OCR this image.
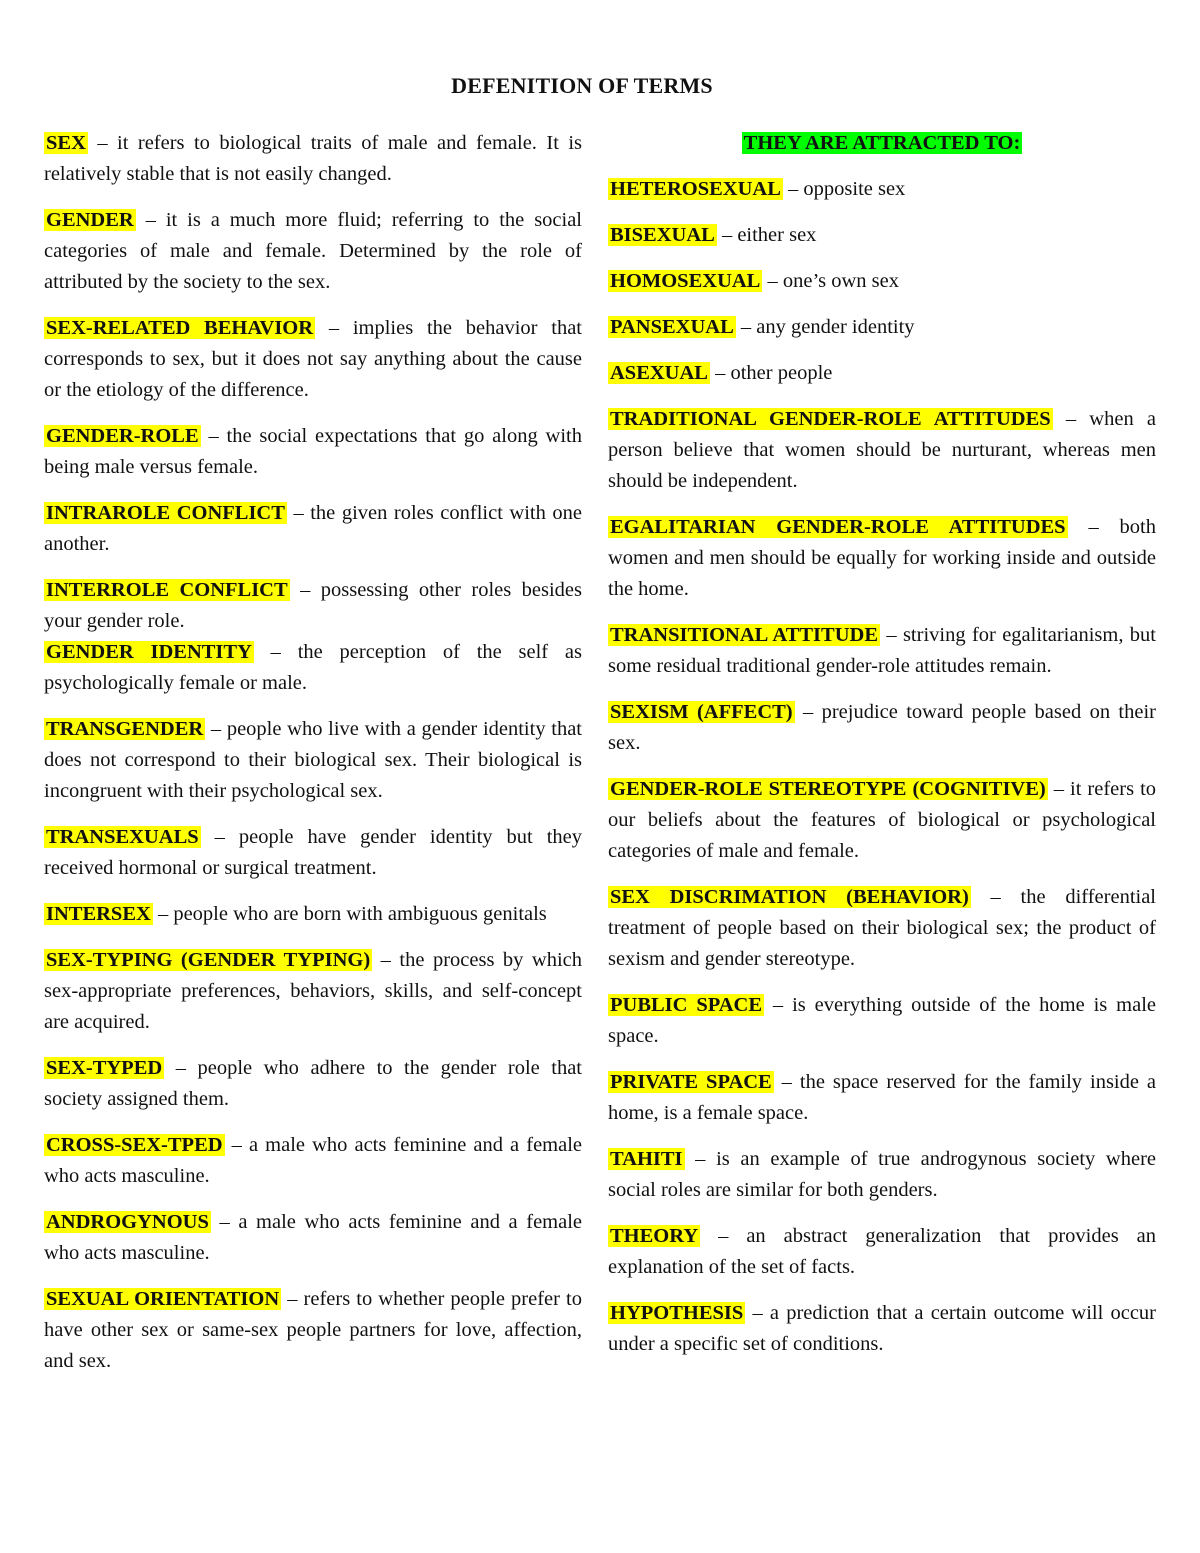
DEFENITION OF TERMS

SEX – it refers to biological traits of male and female. It is relatively stable that is not easily changed.

GENDER – it is a much more fluid; referring to the social categories of male and female. Determined by the role of attributed by the society to the sex.

SEX-RELATED BEHAVIOR – implies the behavior that corresponds to sex, but it does not say anything about the cause or the etiology of the difference.

GENDER-ROLE – the social expectations that go along with being male versus female.

INTRAROLE CONFLICT – the given roles conflict with one another.

INTERROLE CONFLICT – possessing other roles besides your gender role.

GENDER IDENTITY – the perception of the self as psychologically female or male.

TRANSGENDER – people who live with a gender identity that does not correspond to their biological sex. Their biological is incongruent with their psychological sex.

TRANSEXUALS – people have gender identity but they received hormonal or surgical treatment.

INTERSEX – people who are born with ambiguous genitals

SEX-TYPING (GENDER TYPING) – the process by which sex-appropriate preferences, behaviors, skills, and self-concept are acquired.

SEX-TYPED – people who adhere to the gender role that society assigned them.

CROSS-SEX-TPED – a male who acts feminine and a female who acts masculine.

ANDROGYNOUS – a male who acts feminine and a female who acts masculine.

SEXUAL ORIENTATION – refers to whether people prefer to have other sex or same-sex people partners for love, affection, and sex.

THEY ARE ATTRACTED TO:

HETEROSEXUAL – opposite sex

BISEXUAL – either sex

HOMOSEXUAL – one’s own sex

PANSEXUAL – any gender identity

ASEXUAL – other people

TRADITIONAL GENDER-ROLE ATTITUDES – when a person believe that women should be nurturant, whereas men should be independent.

EGALITARIAN GENDER-ROLE ATTITUDES – both women and men should be equally for working inside and outside the home.

TRANSITIONAL ATTITUDE – striving for egalitarianism, but some residual traditional gender-role attitudes remain.

SEXISM (AFFECT) – prejudice toward people based on their sex.

GENDER-ROLE STEREOTYPE (COGNITIVE) – it refers to our beliefs about the features of biological or psychological categories of male and female.

SEX DISCRIMATION (BEHAVIOR) – the differential treatment of people based on their biological sex; the product of sexism and gender stereotype.

PUBLIC SPACE – is everything outside of the home is male space.

PRIVATE SPACE – the space reserved for the family inside a home, is a female space.

TAHITI – is an example of true androgynous society where social roles are similar for both genders.

THEORY – an abstract generalization that provides an explanation of the set of facts.

HYPOTHESIS – a prediction that a certain outcome will occur under a specific set of conditions.
